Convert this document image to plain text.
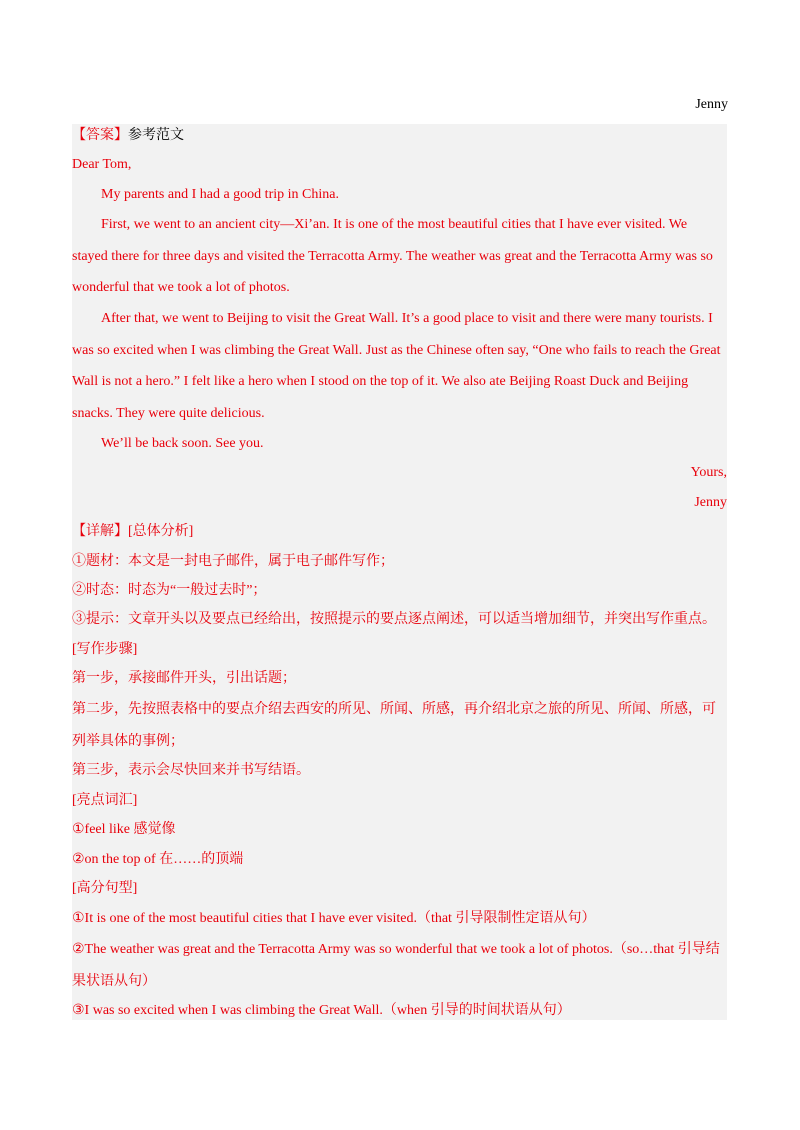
Jenny
【答案】参考范文
Dear Tom,
My parents and I had a good trip in China.
First, we went to an ancient city—Xi’an. It is one of the most beautiful cities that I have ever visited. We
stayed there for three days and visited the Terracotta Army. The weather was great and the Terracotta Army was so
wonderful that we took a lot of photos.
After that, we went to Beijing to visit the Great Wall. It’s a good place to visit and there were many tourists. I
was so excited when I was climbing the Great Wall. Just as the Chinese often say, “One who fails to reach the Great
Wall is not a hero.” I felt like a hero when I stood on the top of it. We also ate Beijing Roast Duck and Beijing
snacks. They were quite delicious.
We’ll be back soon. See you.
Yours,
Jenny
【详解】[总体分析]
①题材：本文是一封电子邮件，属于电子邮件写作；
②时态：时态为“一般过去时”；
③提示：文章开头以及要点已经给出，按照提示的要点逐点阐述，可以适当增加细节，并突出写作重点。
[写作步骤]
第一步，承接邮件开头，引出话题；
第二步，先按照表格中的要点介绍去西安的所见、所闻、所感，再介绍北京之旅的所见、所闻、所感，可
列举具体的事例；
第三步，表示会尽快回来并书写结语。
[亮点词汇]
①feel like 感觉像
②on the top of 在……的顶端
[高分句型]
①It is one of the most beautiful cities that I have ever visited.（that 引导限制性定语从句）
②The weather was great and the Terracotta Army was so wonderful that we took a lot of photos.（so…that 引导结
果状语从句）
③I was so excited when I was climbing the Great Wall.（when 引导的时间状语从句）
